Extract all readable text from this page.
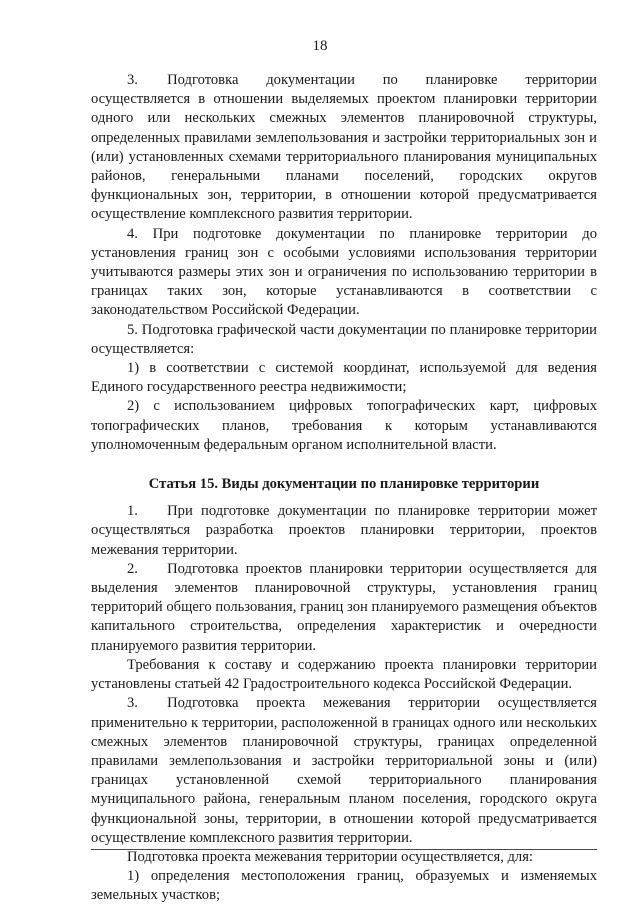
18

3.  Подготовка документации по планировке территории осуществляется в отношении выделяемых проектом планировки территории одного или нескольких смежных элементов планировочной структуры, определенных правилами землепользования и застройки территориальных зон и (или) установленных схемами территориального планирования муниципальных районов, генеральными планами поселений, городских округов функциональных зон, территории, в отношении которой предусматривается осуществление комплексного развития территории.

4. При подготовке документации по планировке территории до установления границ зон с особыми условиями использования территории учитываются размеры этих зон и ограничения по использованию территории в границах таких зон, которые устанавливаются в соответствии с законодательством Российской Федерации.

5. Подготовка графической части документации по планировке территории осуществляется:

1) в соответствии с системой координат, используемой для ведения Единого государственного реестра недвижимости;

2) с использованием цифровых топографических карт, цифровых топографических планов, требования к которым устанавливаются уполномоченным федеральным органом исполнительной власти.

Статья 15. Виды документации по планировке территории

1.  При подготовке документации по планировке территории может осуществляться разработка проектов планировки территории, проектов межевания территории.

2.  Подготовка проектов планировки территории осуществляется для выделения элементов планировочной структуры, установления границ территорий общего пользования, границ зон планируемого размещения объектов капитального строительства, определения характеристик и очередности планируемого развития территории.

Требования к составу и содержанию проекта планировки территории установлены статьей 42 Градостроительного кодекса Российской Федерации.

3.  Подготовка проекта межевания территории осуществляется применительно к территории, расположенной в границах одного или нескольких смежных элементов планировочной структуры, границах определенной правилами землепользования и застройки территориальной зоны и (или) границах установленной схемой территориального планирования муниципального района, генеральным планом поселения, городского округа функциональной зоны, территории, в отношении которой предусматривается осуществление комплексного развития территории.

Подготовка проекта межевания территории осуществляется, для:

1) определения местоположения границ, образуемых и изменяемых земельных участков;
